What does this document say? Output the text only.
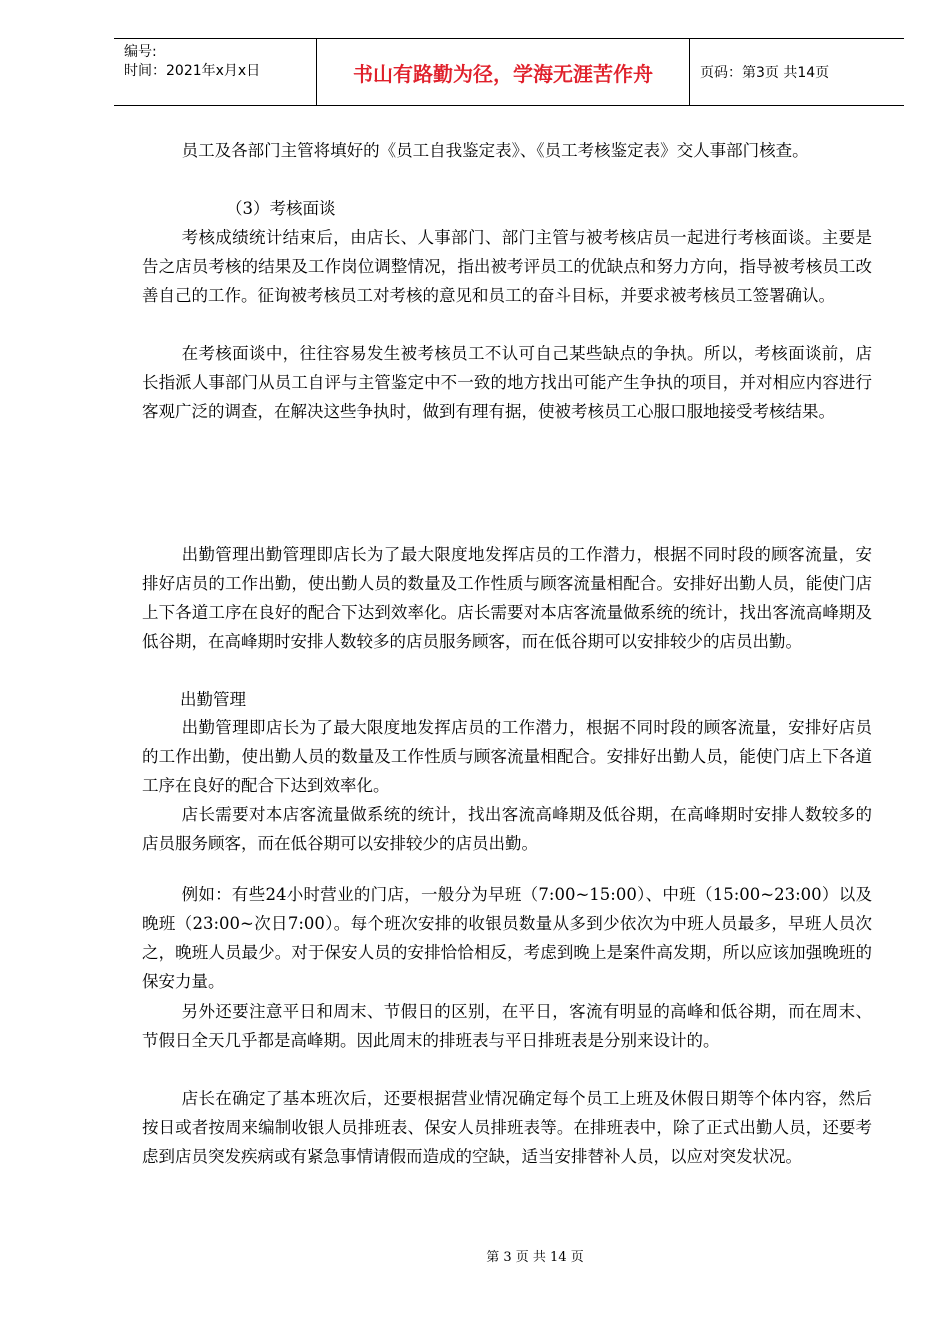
编号:
时间：2021年x月x日	书山有路勤为径，学海无涯苦作舟	页码：第3页 共14页

员工及各部门主管将填好的《员工自我鉴定表》、《员工考核鉴定表》交人事部门核查。

（3）考核面谈

考核成绩统计结束后，由店长、人事部门、部门主管与被考核店员一起进行考核面谈。主要是告之店员考核的结果及工作岗位调整情况，指出被考评员工的优缺点和努力方向，指导被考核员工改善自己的工作。征询被考核员工对考核的意见和员工的奋斗目标，并要求被考核员工签署确认。

在考核面谈中，往往容易发生被考核员工不认可自己某些缺点的争执。所以，考核面谈前，店长指派人事部门从员工自评与主管鉴定中不一致的地方找出可能产生争执的项目，并对相应内容进行客观广泛的调查，在解决这些争执时，做到有理有据，使被考核员工心服口服地接受考核结果。

出勤管理出勤管理即店长为了最大限度地发挥店员的工作潜力，根据不同时段的顾客流量，安排好店员的工作出勤，使出勤人员的数量及工作性质与顾客流量相配合。安排好出勤人员，能使门店上下各道工序在良好的配合下达到效率化。店长需要对本店客流量做系统的统计，找出客流高峰期及低谷期，在高峰期时安排人数较多的店员服务顾客，而在低谷期可以安排较少的店员出勤。

出勤管理

出勤管理即店长为了最大限度地发挥店员的工作潜力，根据不同时段的顾客流量，安排好店员的工作出勤，使出勤人员的数量及工作性质与顾客流量相配合。安排好出勤人员，能使门店上下各道工序在良好的配合下达到效率化。

店长需要对本店客流量做系统的统计，找出客流高峰期及低谷期，在高峰期时安排人数较多的店员服务顾客，而在低谷期可以安排较少的店员出勤。

例如：有些24小时营业的门店，一般分为早班（7:00~15:00）、中班（15:00~23:00）以及晚班（23:00~次日7:00）。每个班次安排的收银员数量从多到少依次为中班人员最多，早班人员次之，晚班人员最少。对于保安人员的安排恰恰相反，考虑到晚上是案件高发期，所以应该加强晚班的保安力量。

另外还要注意平日和周末、节假日的区别，在平日，客流有明显的高峰和低谷期，而在周末、节假日全天几乎都是高峰期。因此周末的排班表与平日排班表是分别来设计的。

店长在确定了基本班次后，还要根据营业情况确定每个员工上班及休假日期等个体内容，然后按日或者按周来编制收银人员排班表、保安人员排班表等。在排班表中，除了正式出勤人员，还要考虑到店员突发疾病或有紧急事情请假而造成的空缺，适当安排替补人员，以应对突发状况。

第 3 页 共 14 页
